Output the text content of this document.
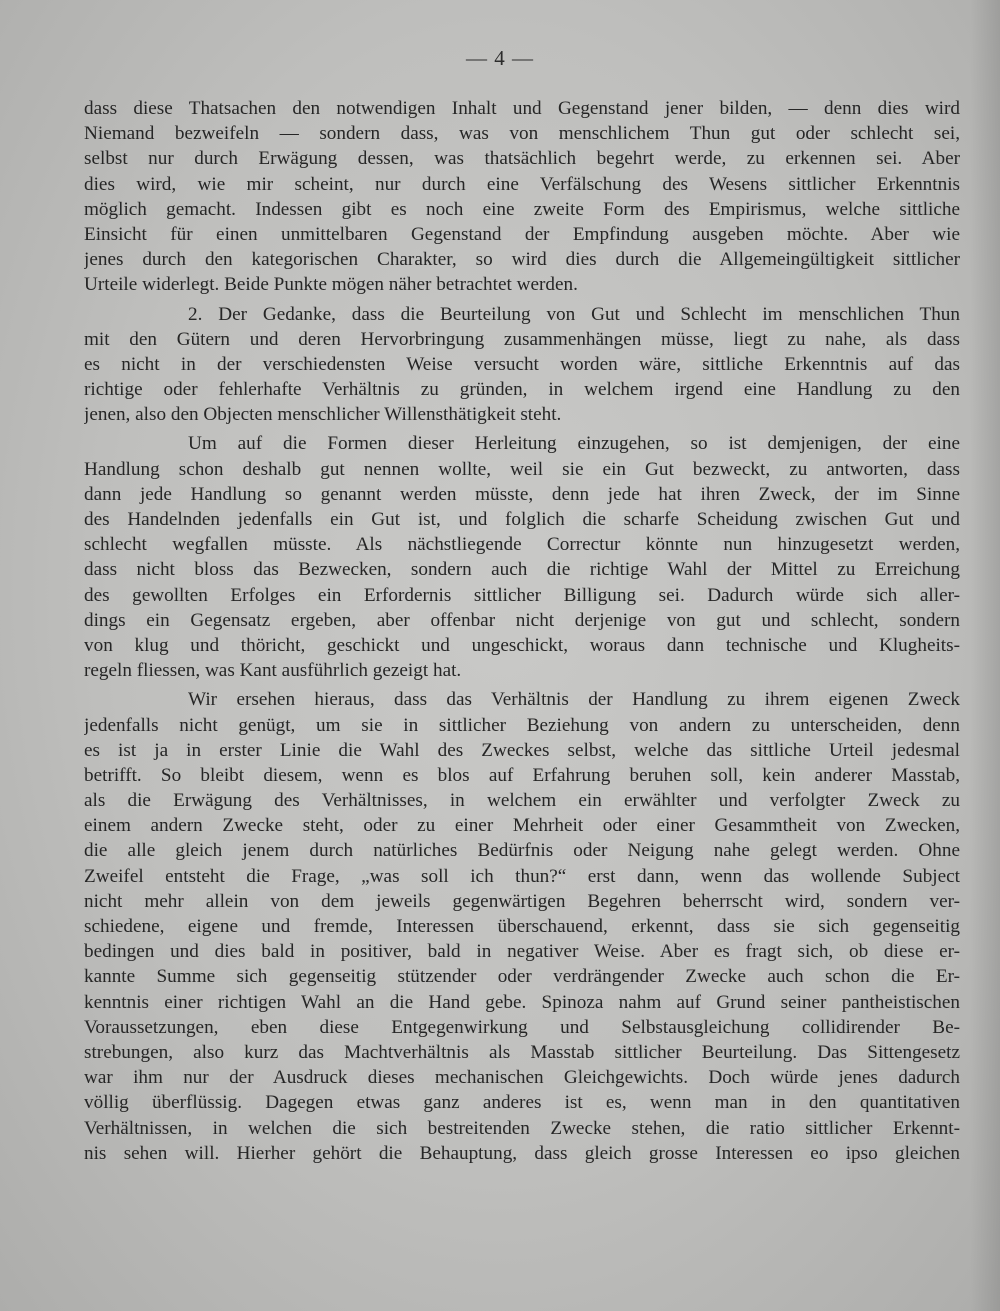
— 4 —
dass diese Thatsachen den notwendigen Inhalt und Gegenstand jener bilden, — denn dies wird
Niemand bezweifeln — sondern dass, was von menschlichem Thun gut oder schlecht sei,
selbst nur durch Erwägung dessen, was thatsächlich begehrt werde, zu erkennen sei. Aber
dies wird, wie mir scheint, nur durch eine Verfälschung des Wesens sittlicher Erkenntnis
möglich gemacht. Indessen gibt es noch eine zweite Form des Empirismus, welche sittliche
Einsicht für einen unmittelbaren Gegenstand der Empfindung ausgeben möchte. Aber wie
jenes durch den kategorischen Charakter, so wird dies durch die Allgemeingültigkeit sittlicher
Urteile widerlegt. Beide Punkte mögen näher betrachtet werden.
2. Der Gedanke, dass die Beurteilung von Gut und Schlecht im menschlichen Thun
mit den Gütern und deren Hervorbringung zusammenhängen müsse, liegt zu nahe, als dass
es nicht in der verschiedensten Weise versucht worden wäre, sittliche Erkenntnis auf das
richtige oder fehlerhafte Verhältnis zu gründen, in welchem irgend eine Handlung zu den
jenen, also den Objecten menschlicher Willensthätigkeit steht.
Um auf die Formen dieser Herleitung einzugehen, so ist demjenigen, der eine
Handlung schon deshalb gut nennen wollte, weil sie ein Gut bezweckt, zu antworten, dass
dann jede Handlung so genannt werden müsste, denn jede hat ihren Zweck, der im Sinne
des Handelnden jedenfalls ein Gut ist, und folglich die scharfe Scheidung zwischen Gut und
schlecht wegfallen müsste. Als nächstliegende Correctur könnte nun hinzugesetzt werden,
dass nicht bloss das Bezwecken, sondern auch die richtige Wahl der Mittel zu Erreichung
des gewollten Erfolges ein Erfordernis sittlicher Billigung sei. Dadurch würde sich aller-
dings ein Gegensatz ergeben, aber offenbar nicht derjenige von gut und schlecht, sondern
von klug und thöricht, geschickt und ungeschickt, woraus dann technische und Klugheits-
regeln fliessen, was Kant ausführlich gezeigt hat.
Wir ersehen hieraus, dass das Verhältnis der Handlung zu ihrem eigenen Zweck
jedenfalls nicht genügt, um sie in sittlicher Beziehung von andern zu unterscheiden, denn
es ist ja in erster Linie die Wahl des Zweckes selbst, welche das sittliche Urteil jedesmal
betrifft. So bleibt diesem, wenn es blos auf Erfahrung beruhen soll, kein anderer Masstab,
als die Erwägung des Verhältnisses, in welchem ein erwählter und verfolgter Zweck zu
einem andern Zwecke steht, oder zu einer Mehrheit oder einer Gesammtheit von Zwecken,
die alle gleich jenem durch natürliches Bedürfnis oder Neigung nahe gelegt werden. Ohne
Zweifel entsteht die Frage, „was soll ich thun?“ erst dann, wenn das wollende Subject
nicht mehr allein von dem jeweils gegenwärtigen Begehren beherrscht wird, sondern ver-
schiedene, eigene und fremde, Interessen überschauend, erkennt, dass sie sich gegenseitig
bedingen und dies bald in positiver, bald in negativer Weise. Aber es fragt sich, ob diese er-
kannte Summe sich gegenseitig stützender oder verdrängender Zwecke auch schon die Er-
kenntnis einer richtigen Wahl an die Hand gebe. Spinoza nahm auf Grund seiner pantheistischen
Voraussetzungen, eben diese Entgegenwirkung und Selbstausgleichung collidirender Be-
strebungen, also kurz das Machtverhältnis als Masstab sittlicher Beurteilung. Das Sittengesetz
war ihm nur der Ausdruck dieses mechanischen Gleichgewichts. Doch würde jenes dadurch
völlig überflüssig. Dagegen etwas ganz anderes ist es, wenn man in den quantitativen
Verhältnissen, in welchen die sich bestreitenden Zwecke stehen, die ratio sittlicher Erkennt-
nis sehen will. Hierher gehört die Behauptung, dass gleich grosse Interessen eo ipso gleichen
